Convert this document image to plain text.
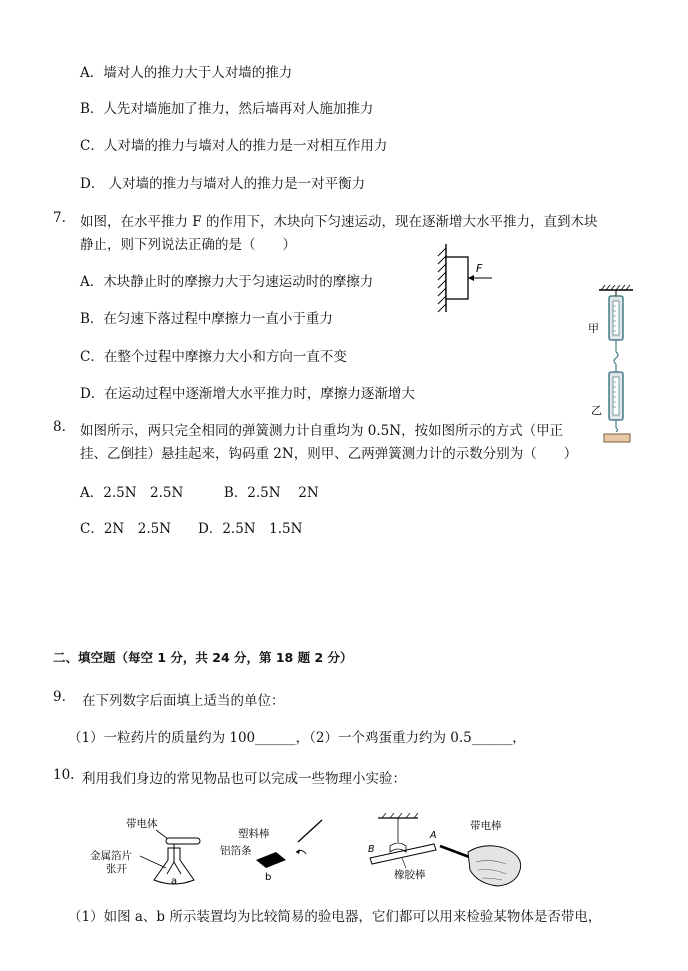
A．墙对人的推力大于人对墙的推力
B．人先对墙施加了推力，然后墙再对人施加推力
C．人对墙的推力与墙对人的推力是一对相互作用力
D． 人对墙的推力与墙对人的推力是一对平衡力
7. 如图，在水平推力 F 的作用下，木块向下匀速运动，现在逐渐增大水平推力，直到木块
静止，则下列说法正确的是（　　）
A．木块静止时的摩擦力大于匀速运动时的摩擦力
B．在匀速下落过程中摩擦力一直小于重力
C．在整个过程中摩擦力大小和方向一直不变
D．在运动过程中逐渐增大水平推力时，摩擦力逐渐增大
F
甲
乙
8. 如图所示，两只完全相同的弹簧测力计自重均为 0.5N，按如图所示的方式（甲正
挂、乙倒挂）悬挂起来，钩码重 2N，则甲、乙两弹簧测力计的示数分别为（　　）
A．2.5N　2.5N　　　B．2.5N　 2N
C．2N　2.5N　　D．2.5N　1.5N
二、填空题（每空 1 分，共 24 分，第 18 题 2 分）
9. 在下列数字后面填上适当的单位：
（1）一粒药片的质量约为 100______，（2）一个鸡蛋重力约为 0.5______，
10. 利用我们身边的常见物品也可以完成一些物理小实验：
带电体
金属箔片
张开
a
塑料棒
铝箔条
b
A
B
橡胶棒
带电棒
（1）如图 a、b 所示装置均为比较简易的验电器，它们都可以用来检验某物体是否带电，
